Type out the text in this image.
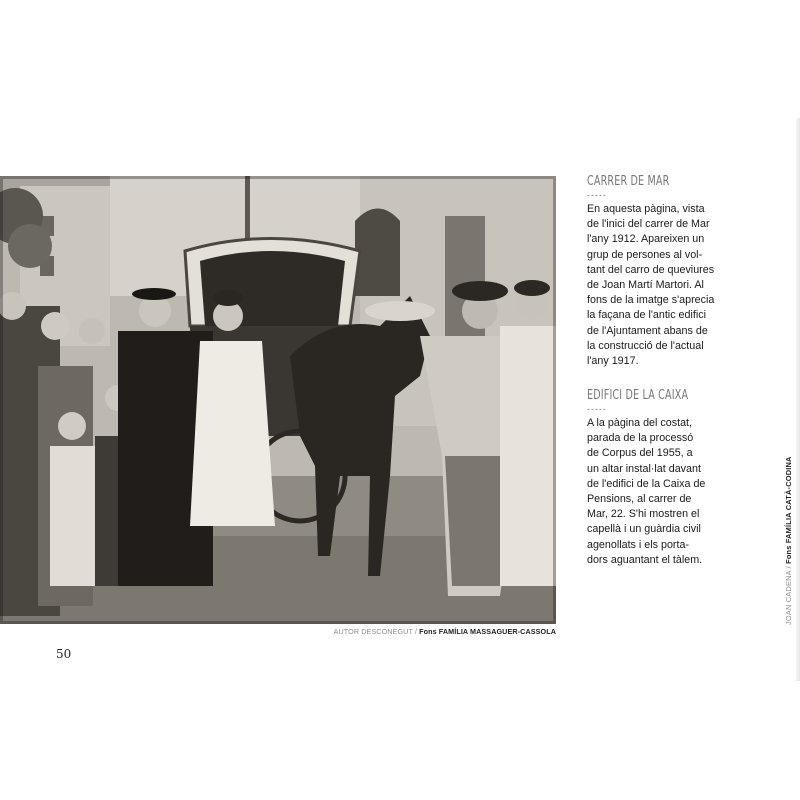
AUTOR DESCONEGUT / Fons FAMÍLIA MASSAGUER-CASSOLA
50
CARRER DE MAR
-----
En aquesta pàgina, vista
de l'inici del carrer de Mar
l'any 1912. Apareixen un
grup de persones al vol-
tant del carro de queviures
de Joan Martí Martori. Al
fons de la imatge s'aprecia
la façana de l'antic edifici
de l'Ajuntament abans de
la construcció de l'actual
l'any 1917.
EDIFICI DE LA CAIXA
-----
A la pàgina del costat,
parada de la processó
de Corpus del 1955, a
un altar instal·lat davant
de l'edifici de la Caixa de
Pensions, al carrer de
Mar, 22. S'hi mostren el
capellà i un guàrdia civil
agenollats i els porta-
dors aguantant el tàlem.
JOAN CADENA / Fons FAMÍLIA CATÀ-CODINA
